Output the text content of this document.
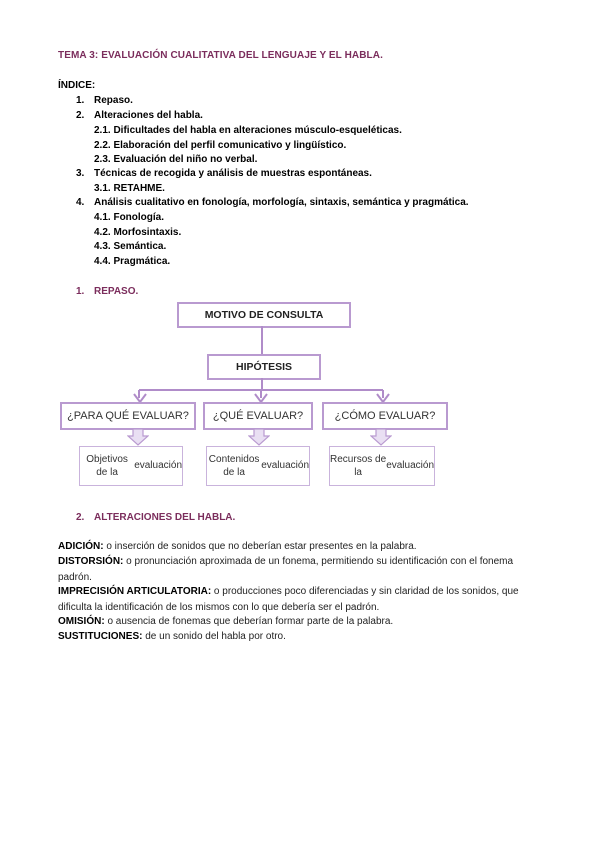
TEMA 3: EVALUACIÓN CUALITATIVA DEL LENGUAJE Y EL HABLA.
ÍNDICE:
1. Repaso.
2. Alteraciones del habla.
2.1. Dificultades del habla en alteraciones músculo-esqueléticas.
2.2. Elaboración del perfil comunicativo y lingüístico.
2.3. Evaluación del niño no verbal.
3. Técnicas de recogida y análisis de muestras espontáneas.
3.1. RETAHME.
4. Análisis cualitativo en fonología, morfología, sintaxis, semántica y pragmática.
4.1. Fonología.
4.2. Morfosintaxis.
4.3. Semántica.
4.4. Pragmática.
1. REPASO.
MOTIVO DE CONSULTA
HIPÓTESIS
¿PARA QUÉ EVALUAR?	¿QUÉ EVALUAR?	¿CÓMO EVALUAR?
Objetivos de la
evaluación
Contenidos de la
evaluación
Recursos de la
evaluación
2. ALTERACIONES DEL HABLA.
ADICIÓN: o inserción de sonidos que no deberían estar presentes en la palabra.
DISTORSIÓN: o pronunciación aproximada de un fonema, permitiendo su identificación con el fonema padrón.
IMPRECISIÓN ARTICULATORIA: o producciones poco diferenciadas y sin claridad de los sonidos, que dificulta la identificación de los mismos con lo que debería ser el padrón.
OMISIÓN: o ausencia de fonemas que deberían formar parte de la palabra.
SUSTITUCIONES: de un sonido del habla por otro.
